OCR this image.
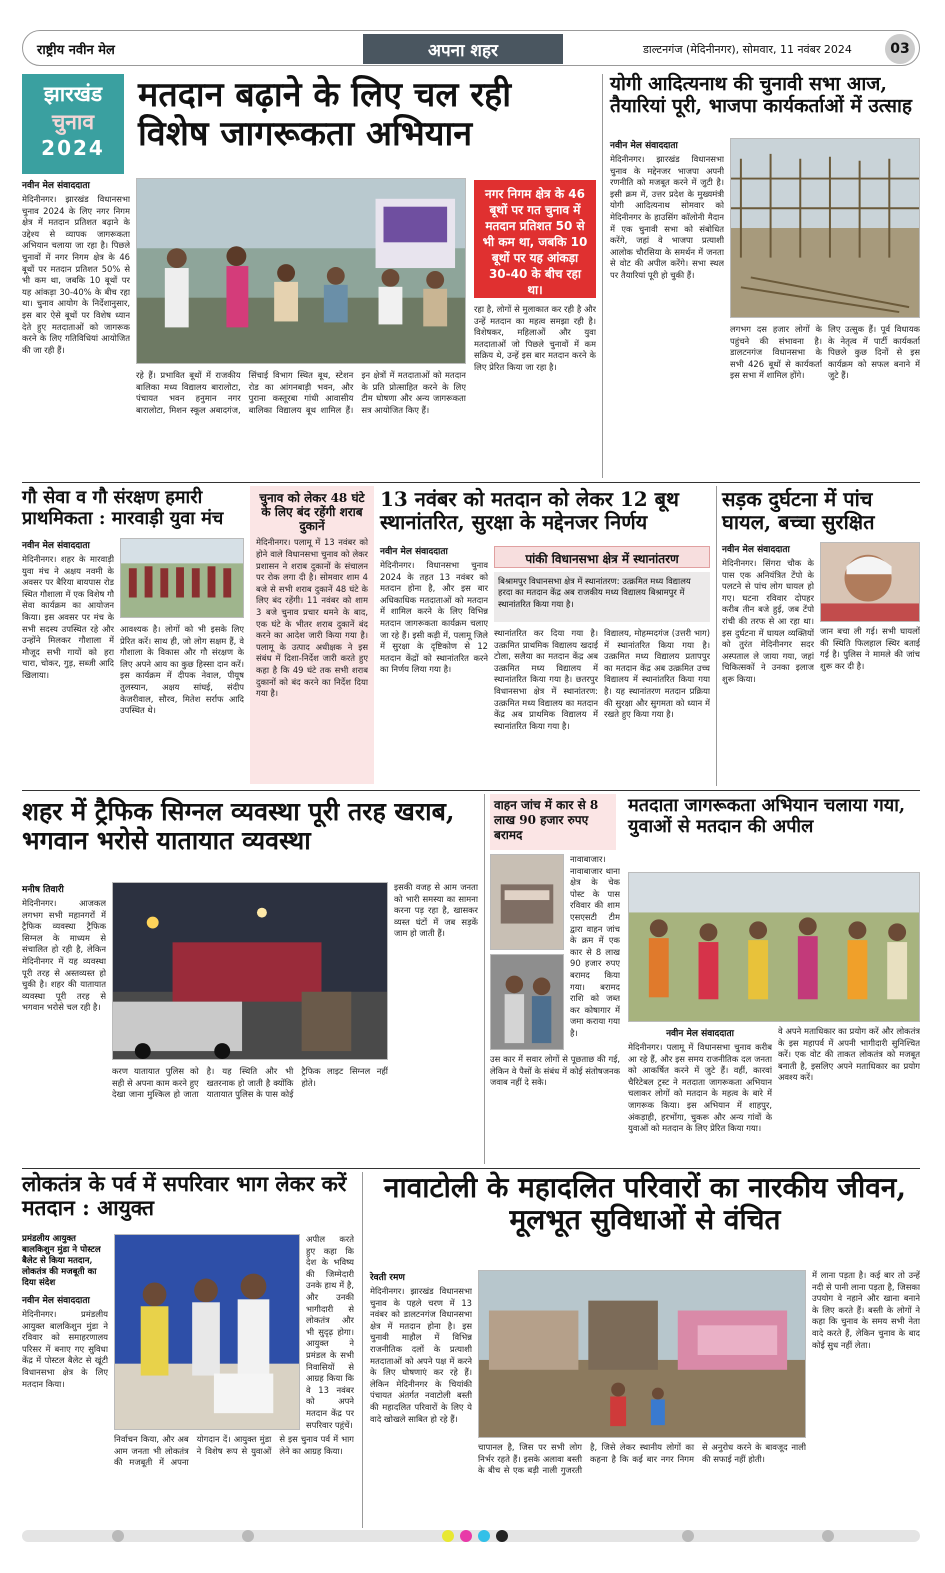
राष्ट्रीय नवीन मेल	अपना शहर	डाल्टनगंज (मेदिनीनगर), सोमवार, 11 नवंबर 2024	03
झारखंड
चुनाव
2024
मतदान बढ़ाने के लिए चल रही विशेष जागरूकता अभियान
नवीन मेल संवाददाता
मेदिनीनगर। झारखंड विधानसभा चुनाव 2024 के लिए नगर निगम क्षेत्र में मतदान प्रतिशत बढ़ाने के उद्देश्य से व्यापक जागरूकता अभियान चलाया जा रहा है। पिछले चुनावों में नगर निगम क्षेत्र के 46 बूथों पर मतदान प्रतिशत 50% से भी कम था, जबकि 10 बूथों पर यह आंकड़ा 30-40% के बीच रहा था। चुनाव आयोग के निर्देशानुसार, इस बार ऐसे बूथों पर विशेष ध्यान देते हुए मतदाताओं को जागरूक करने के लिए गतिविधियां आयोजित की जा रही हैं।
नगर निगम क्षेत्र के 46 बूथों पर गत चुनाव में मतदान प्रतिशत 50 से भी कम था, जबकि 10 बूथों पर यह आंकड़ा 30-40 के बीच रहा था।
रहा है, लोगों से मुलाकात कर रही है और उन्हें मतदान का महत्व समझा रही है। विशेषकर, महिलाओं और युवा मतदाताओं जो पिछले चुनावों में कम सक्रिय थे, उन्हें इस बार मतदान करने के लिए प्रेरित किया जा रहा है।
रहे हैं। प्रभावित बूथों में राजकीय बालिका मध्य विद्यालय बारालोटा, पंचायत भवन हनुमान नगर बारालोटा, मिशन स्कूल अबादगंज, सिंचाई विभाग स्थित बूथ, स्टेशन रोड का आंगनबाड़ी भवन, और पुराना कस्तूरबा गांधी आवासीय बालिका विद्यालय बूथ शामिल हैं। इन क्षेत्रों में मतदाताओं को मतदान के प्रति प्रोत्साहित करने के लिए टीम घोषणा और अन्य जागरूकता सत्र आयोजित किए हैं।
योगी आदित्यनाथ की चुनावी सभा आज, तैयारियां पूरी, भाजपा कार्यकर्ताओं में उत्साह
नवीन मेल संवाददाता
मेदिनीनगर। झारखंड विधानसभा चुनाव के मद्देनजर भाजपा अपनी रणनीति को मजबूत करने में जुटी है। इसी क्रम में, उत्तर प्रदेश के मुख्यमंत्री योगी आदित्यनाथ सोमवार को मेदिनीनगर के हाउसिंग कॉलोनी मैदान में एक चुनावी सभा को संबोधित करेंगे, जहां वे भाजपा प्रत्याशी आलोक चौरसिया के समर्थन में जनता से वोट की अपील करेंगे। सभा स्थल पर तैयारियां पूरी हो चुकी हैं।
लगभग दस हजार लोगों के पहुंचने की संभावना है। डालटनगंज विधानसभा के सभी 426 बूथों से कार्यकर्ता इस सभा में शामिल होंगे।
लिए उत्सुक हैं। पूर्व विधायक के नेतृत्व में पार्टी कार्यकर्ता पिछले कुछ दिनों से इस कार्यक्रम को सफल बनाने में जुटे हैं।
गौ सेवा व गौ संरक्षण हमारी प्राथमिकता : मारवाड़ी युवा मंच
नवीन मेल संवाददाता
मेदिनीनगर। शहर के मारवाड़ी युवा मंच ने अक्षय नवमी के अवसर पर बैरिया बायपास रोड स्थित गौशाला में एक विशेष गौ सेवा कार्यक्रम का आयोजन किया। इस अवसर पर मंच के सभी सदस्य उपस्थित रहे और उन्होंने मिलकर गौशाला में मौजूद सभी गायों को हरा चारा, चोकर, गुड़, सब्जी आदि खिलाया।
आवश्यक है। लोगों को भी इसके लिए प्रेरित करें। साथ ही, जो लोग सक्षम हैं, वे गौशाला के विकास और गौ संरक्षण के लिए अपने आय का कुछ हिस्सा दान करें। इस कार्यक्रम में दीपक नेवाल, पीयूष तुलस्यान, अक्षय सांघई, संदीप केजरीवाल, सौरव, मितेश सर्राफ आदि उपस्थित थे।
चुनाव को लेकर 48 घंटे के लिए बंद रहेंगी शराब दुकानें
मेदिनीनगर। पलामू में 13 नवंबर को होने वाले विधानसभा चुनाव को लेकर प्रशासन ने शराब दुकानों के संचालन पर रोक लगा दी है। सोमवार शाम 4 बजे से सभी शराब दुकानें 48 घंटे के लिए बंद रहेंगी। 11 नवंबर को शाम 3 बजे चुनाव प्रचार थमने के बाद, एक घंटे के भीतर शराब दुकानें बंद करने का आदेश जारी किया गया है। पलामू के उत्पाद अधीक्षक ने इस संबंध में दिशा-निर्देश जारी करते हुए कहा है कि 49 घंटे तक सभी शराब दुकानों को बंद करने का निर्देश दिया गया है।
13 नवंबर को मतदान को लेकर 12 बूथ स्थानांतरित, सुरक्षा के मद्देनजर निर्णय
नवीन मेल संवाददाता
मेदिनीनगर। विधानसभा चुनाव 2024 के तहत 13 नवंबर को मतदान होना है, और इस बार अधिकाधिक मतदाताओं को मतदान में शामिल करने के लिए विभिन्न मतदान जागरूकता कार्यक्रम चलाए जा रहे हैं। इसी कड़ी में, पलामू जिले में सुरक्षा के दृष्टिकोण से 12 मतदान केंद्रों को स्थानांतरित करने का निर्णय लिया गया है।
पांकी विधानसभा क्षेत्र में स्थानांतरण
बिश्रामपुर विधानसभा क्षेत्र में स्थानांतरण: उत्क्रमित मध्य विद्यालय हरदा का मतदान केंद्र अब राजकीय मध्य विद्यालय बिश्रामपुर में स्थानांतरित किया गया है।
स्थानांतरित कर दिया गया है। उत्क्रमित प्राथमिक विद्यालय खदाई टोला, सलैया का मतदान केंद्र अब उत्क्रमित मध्य विद्यालय में स्थानांतरित किया गया है। छतरपुर विधानसभा क्षेत्र में स्थानांतरण: उत्क्रमित मध्य विद्यालय का मतदान केंद्र अब प्राथमिक विद्यालय में स्थानांतरित किया गया है।
विद्यालय, मोहम्मदगंज (उत्तरी भाग) में स्थानांतरित किया गया है। उत्क्रमित मध्य विद्यालय प्रतापपुर का मतदान केंद्र अब उत्क्रमित उच्च विद्यालय में स्थानांतरित किया गया है। यह स्थानांतरण मतदान प्रक्रिया की सुरक्षा और सुगमता को ध्यान में रखते हुए किया गया है।
सड़क दुर्घटना में पांच घायल, बच्चा सुरक्षित
नवीन मेल संवाददाता
मेदिनीनगर। सिंगरा चौक के पास एक अनियंत्रित टेंपो के पलटने से पांच लोग घायल हो गए। घटना रविवार दोपहर करीब तीन बजे हुई, जब टेंपो रांची की तरफ से आ रहा था। इस दुर्घटना में घायल व्यक्तियों को तुरंत मेदिनीनगर सदर अस्पताल ले जाया गया, जहां चिकित्सकों ने उनका इलाज शुरू किया।
जान बचा ली गई। सभी घायलों की स्थिति फिलहाल स्थिर बताई गई है। पुलिस ने मामले की जांच शुरू कर दी है।
शहर में ट्रैफिक सिग्नल व्यवस्था पूरी तरह खराब, भगवान भरोसे यातायात व्यवस्था
मनीष तिवारी
मेदिनीनगर। आजकल लगभग सभी महानगरों में ट्रैफिक व्यवस्था ट्रैफिक सिग्नल के माध्यम से संचालित हो रही है, लेकिन मेदिनीनगर में यह व्यवस्था पूरी तरह से अस्तव्यस्त हो चुकी है। शहर की यातायात व्यवस्था पूरी तरह से भगवान भरोसे चल रही है।
करण यातायात पुलिस को सही से अपना काम करने हुए देखा जाना मुश्किल हो जाता है। यह स्थिति और भी खतरनाक हो जाती है क्योंकि यातायात पुलिस के पास कोई ट्रैफिक लाइट सिग्नल नहीं होते।
इसकी वजह से आम जनता को भारी समस्या का सामना करना पड़ रहा है, खासकर व्यस्त घंटों में जब सड़कें जाम हो जाती हैं।
वाहन जांच में कार से 8 लाख 90 हजार रुपए बरामद
नावाबाजार। नावाबाजार थाना क्षेत्र के चेक पोस्ट के पास रविवार की शाम एसएसटी टीम द्वारा वाहन जांच के क्रम में एक कार से 8 लाख 90 हजार रुपए बरामद किया गया। बरामद राशि को जब्त कर कोषागार में जमा कराया गया है।
उस कार में सवार लोगों से पूछताछ की गई, लेकिन वे पैसों के संबंध में कोई संतोषजनक जवाब नहीं दे सके।
मतदाता जागरूकता अभियान चलाया गया, युवाओं से मतदान की अपील
नवीन मेल संवाददाता
मेदिनीनगर। पलामू में विधानसभा चुनाव करीब आ रहे हैं, और इस समय राजनीतिक दल जनता को आकर्षित करने में जुटे हैं। वहीं, कारवां चैरिटेबल ट्रस्ट ने मतदाता जागरूकता अभियान चलाकर लोगों को मतदान के महत्व के बारे में जागरूक किया। इस अभियान में शाहपुर, अंकड़ाही, हरभोंगा, चुकरू और अन्य गांवों के युवाओं को मतदान के लिए प्रेरित किया गया।
वे अपने मताधिकार का प्रयोग करें और लोकतंत्र के इस महापर्व में अपनी भागीदारी सुनिश्चित करें। एक वोट की ताकत लोकतंत्र को मजबूत बनाती है, इसलिए अपने मताधिकार का प्रयोग अवश्य करें।
लोकतंत्र के पर्व में सपरिवार भाग लेकर करें मतदान : आयुक्त
प्रमंडलीय आयुक्त बालकिशुन मुंडा ने पोस्टल बैलेट से किया मतदान, लोकतंत्र की मजबूती का दिया संदेश
नवीन मेल संवाददाता
मेदिनीनगर। प्रमंडलीय आयुक्त बालकिशुन मुंडा ने रविवार को समाहरणालय परिसर में बनाए गए सुविधा केंद्र में पोस्टल बैलेट से खूंटी विधानसभा क्षेत्र के लिए मतदान किया।
अपील करते हुए कहा कि देश के भविष्य की जिम्मेदारी उनके हाथ में है, और उनकी भागीदारी से लोकतंत्र और भी सुदृढ़ होगा। आयुक्त ने प्रमंडल के सभी निवासियों से आग्रह किया कि वे 13 नवंबर को अपने मतदान केंद्र पर सपरिवार पहुंचें।
निर्वाचन किया, और अब आम जनता भी लोकतंत्र की मजबूती में अपना योगदान दें। आयुक्त मुंडा ने विशेष रूप से युवाओं से इस चुनाव पर्व में भाग लेने का आग्रह किया।
नावाटोली के महादलित परिवारों का नारकीय जीवन, मूलभूत सुविधाओं से वंचित
रेवती रमण
मेदिनीनगर। झारखंड विधानसभा चुनाव के पहले चरण में 13 नवंबर को डालटनगंज विधानसभा क्षेत्र में मतदान होना है। इस चुनावी माहौल में विभिन्न राजनीतिक दलों के प्रत्याशी मतदाताओं को अपने पक्ष में करने के लिए घोषणाएं कर रहे हैं। लेकिन मेदिनीनगर के चियांकी पंचायत अंतर्गत नवाटोली बस्ती की महादलित परिवारों के लिए ये वादे खोखले साबित हो रहे हैं।
चापानल है, जिस पर सभी लोग निर्भर रहते हैं। इसके अलावा बस्ती के बीच से एक बड़ी नाली गुजरती है, जिसे लेकर स्थानीय लोगों का कहना है कि कई बार नगर निगम से अनुरोध करने के बावजूद नाली की सफाई नहीं होती।
में लाना पड़ता है। कई बार तो उन्हें नदी से पानी लाना पड़ता है, जिसका उपयोग वे नहाने और खाना बनाने के लिए करते हैं। बस्ती के लोगों ने कहा कि चुनाव के समय सभी नेता वादे करते हैं, लेकिन चुनाव के बाद कोई सुध नहीं लेता।
